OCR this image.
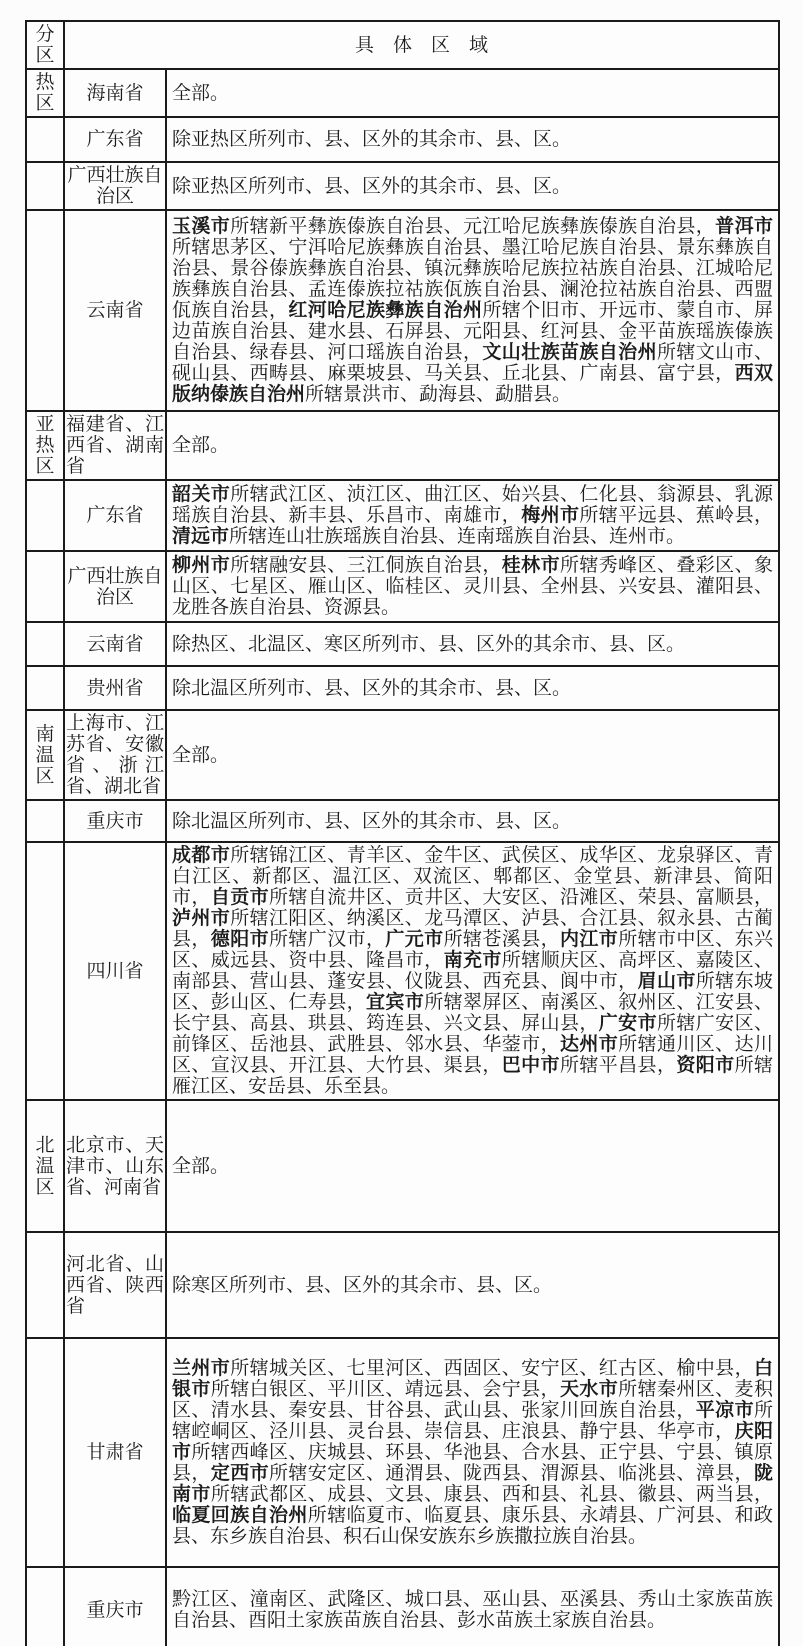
分区	具　体　区　域	
热区	海南省	全部。
	广东省	除亚热区所列市、县、区外的其余市、县、区。
	广西壮族自治区	除亚热区所列市、县、区外的其余市、县、区。
	云南省	玉溪市所辖新平彝族傣族自治县、元江哈尼族彝族傣族自治县，普洱市所辖思茅区、宁洱哈尼族彝族自治县、墨江哈尼族自治县、景东彝族自治县、景谷傣族彝族自治县、镇沅彝族哈尼族拉祜族自治县、江城哈尼族彝族自治县、孟连傣族拉祜族佤族自治县、澜沧拉祜族自治县、西盟佤族自治县，红河哈尼族彝族自治州所辖个旧市、开远市、蒙自市、屏边苗族自治县、建水县、石屏县、元阳县、红河县、金平苗族瑶族傣族自治县、绿春县、河口瑶族自治县，文山壮族苗族自治州所辖文山市、砚山县、西畴县、麻栗坡县、马关县、丘北县、广南县、富宁县，西双版纳傣族自治州所辖景洪市、勐海县、勐腊县。
亚热区	福建省、江西省、湖南省	全部。
	广东省	韶关市所辖武江区、浈江区、曲江区、始兴县、仁化县、翁源县、乳源瑶族自治县、新丰县、乐昌市、南雄市，梅州市所辖平远县、蕉岭县，清远市所辖连山壮族瑶族自治县、连南瑶族自治县、连州市。
	广西壮族自治区	柳州市所辖融安县、三江侗族自治县，桂林市所辖秀峰区、叠彩区、象山区、七星区、雁山区、临桂区、灵川县、全州县、兴安县、灌阳县、龙胜各族自治县、资源县。
	云南省	除热区、北温区、寒区所列市、县、区外的其余市、县、区。
	贵州省	除北温区所列市、县、区外的其余市、县、区。
南温区	上海市、江苏省、安徽省、浙江省、湖北省	全部。
	重庆市	除北温区所列市、县、区外的其余市、县、区。
	四川省	成都市所辖锦江区、青羊区、金牛区、武侯区、成华区、龙泉驿区、青白江区、新都区、温江区、双流区、郫都区、金堂县、新津县、简阳市，自贡市所辖自流井区、贡井区、大安区、沿滩区、荣县、富顺县，泸州市所辖江阳区、纳溪区、龙马潭区、泸县、合江县、叙永县、古蔺县，德阳市所辖广汉市，广元市所辖苍溪县，内江市所辖市中区、东兴区、威远县、资中县、隆昌市，南充市所辖顺庆区、高坪区、嘉陵区、南部县、营山县、蓬安县、仪陇县、西充县、阆中市，眉山市所辖东坡区、彭山区、仁寿县，宜宾市所辖翠屏区、南溪区、叙州区、江安县、长宁县、高县、珙县、筠连县、兴文县、屏山县，广安市所辖广安区、前锋区、岳池县、武胜县、邻水县、华蓥市，达州市所辖通川区、达川区、宣汉县、开江县、大竹县、渠县，巴中市所辖平昌县，资阳市所辖雁江区、安岳县、乐至县。
北温区	北京市、天津市、山东省、河南省	全部。
	河北省、山西省、陕西省	除寒区所列市、县、区外的其余市、县、区。
	甘肃省	兰州市所辖城关区、七里河区、西固区、安宁区、红古区、榆中县，白银市所辖白银区、平川区、靖远县、会宁县，天水市所辖秦州区、麦积区、清水县、秦安县、甘谷县、武山县、张家川回族自治县，平凉市所辖崆峒区、泾川县、灵台县、崇信县、庄浪县、静宁县、华亭市，庆阳市所辖西峰区、庆城县、环县、华池县、合水县、正宁县、宁县、镇原县，定西市所辖安定区、通渭县、陇西县、渭源县、临洮县、漳县，陇南市所辖武都区、成县、文县、康县、西和县、礼县、徽县、两当县，临夏回族自治州所辖临夏市、临夏县、康乐县、永靖县、广河县、和政县、东乡族自治县、积石山保安族东乡族撒拉族自治县。
	重庆市	黔江区、潼南区、武隆区、城口县、巫山县、巫溪县、秀山土家族苗族自治县、酉阳土家族苗族自治县、彭水苗族土家族自治县。
